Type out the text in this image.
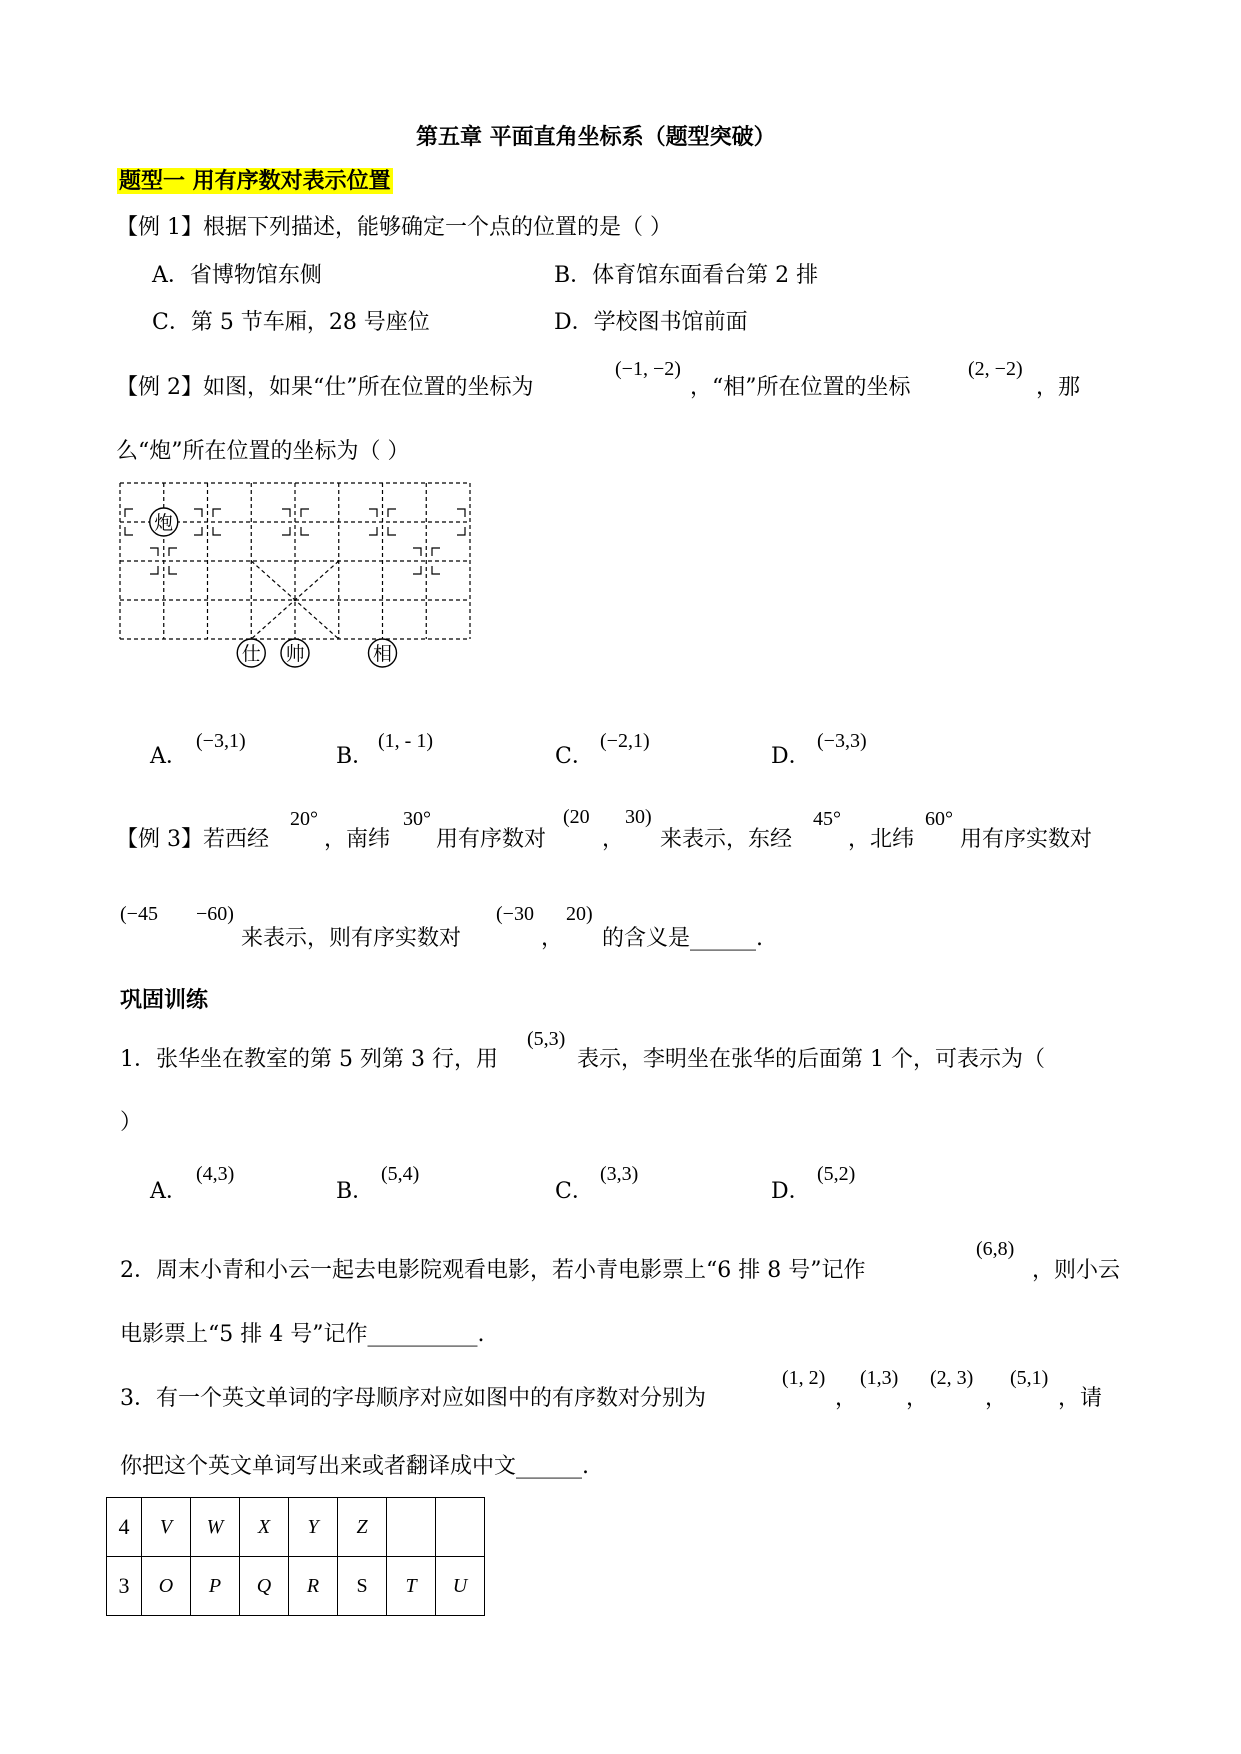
第五章 平面直角坐标系（题型突破）
题型一 用有序数对表示位置
【例 1】根据下列描述，能够确定一个点的位置的是（ ）
A．省博物馆东侧	B．体育馆东面看台第 2 排
C．第 5 节车厢，28 号座位	D．学校图书馆前面
【例 2】如图，如果“仕”所在位置的坐标为
(−1, −2)
，“相”所在位置的坐标
(2, −2)
，那
么“炮”所在位置的坐标为（ ）
炮
仕 帅	相
A．
(−3,1)
B．
(1, - 1)
C．
(−2,1)
D．
(−3,3)
【例 3】若西经
20°
，南纬
30°
用有序数对
(20
，
30)
来表示，东经
45°
，北纬
60°
用有序实数对
(−45 −60)
来表示，则有序实数对
(−30
，
20)
的含义是______.
巩固训练
1．张华坐在教室的第 5 列第 3 行，用
(5,3)
表示，李明坐在张华的后面第 1 个，可表示为（
）
A．
(4,3)
B．
(5,4)
C．
(3,3)
D．
(5,2)
2．周末小青和小云一起去电影院观看电影，若小青电影票上“6 排 8 号”记作
(6,8)
，则小云
电影票上“5 排 4 号”记作__________.
3．有一个英文单词的字母顺序对应如图中的有序数对分别为
(1, 2)
，
(1,3)
，
(2, 3)
，
(5,1)
，请
你把这个英文单词写出来或者翻译成中文______.
4	V	W	X	Y	Z		
3	O	P	Q	R	S	T	U
